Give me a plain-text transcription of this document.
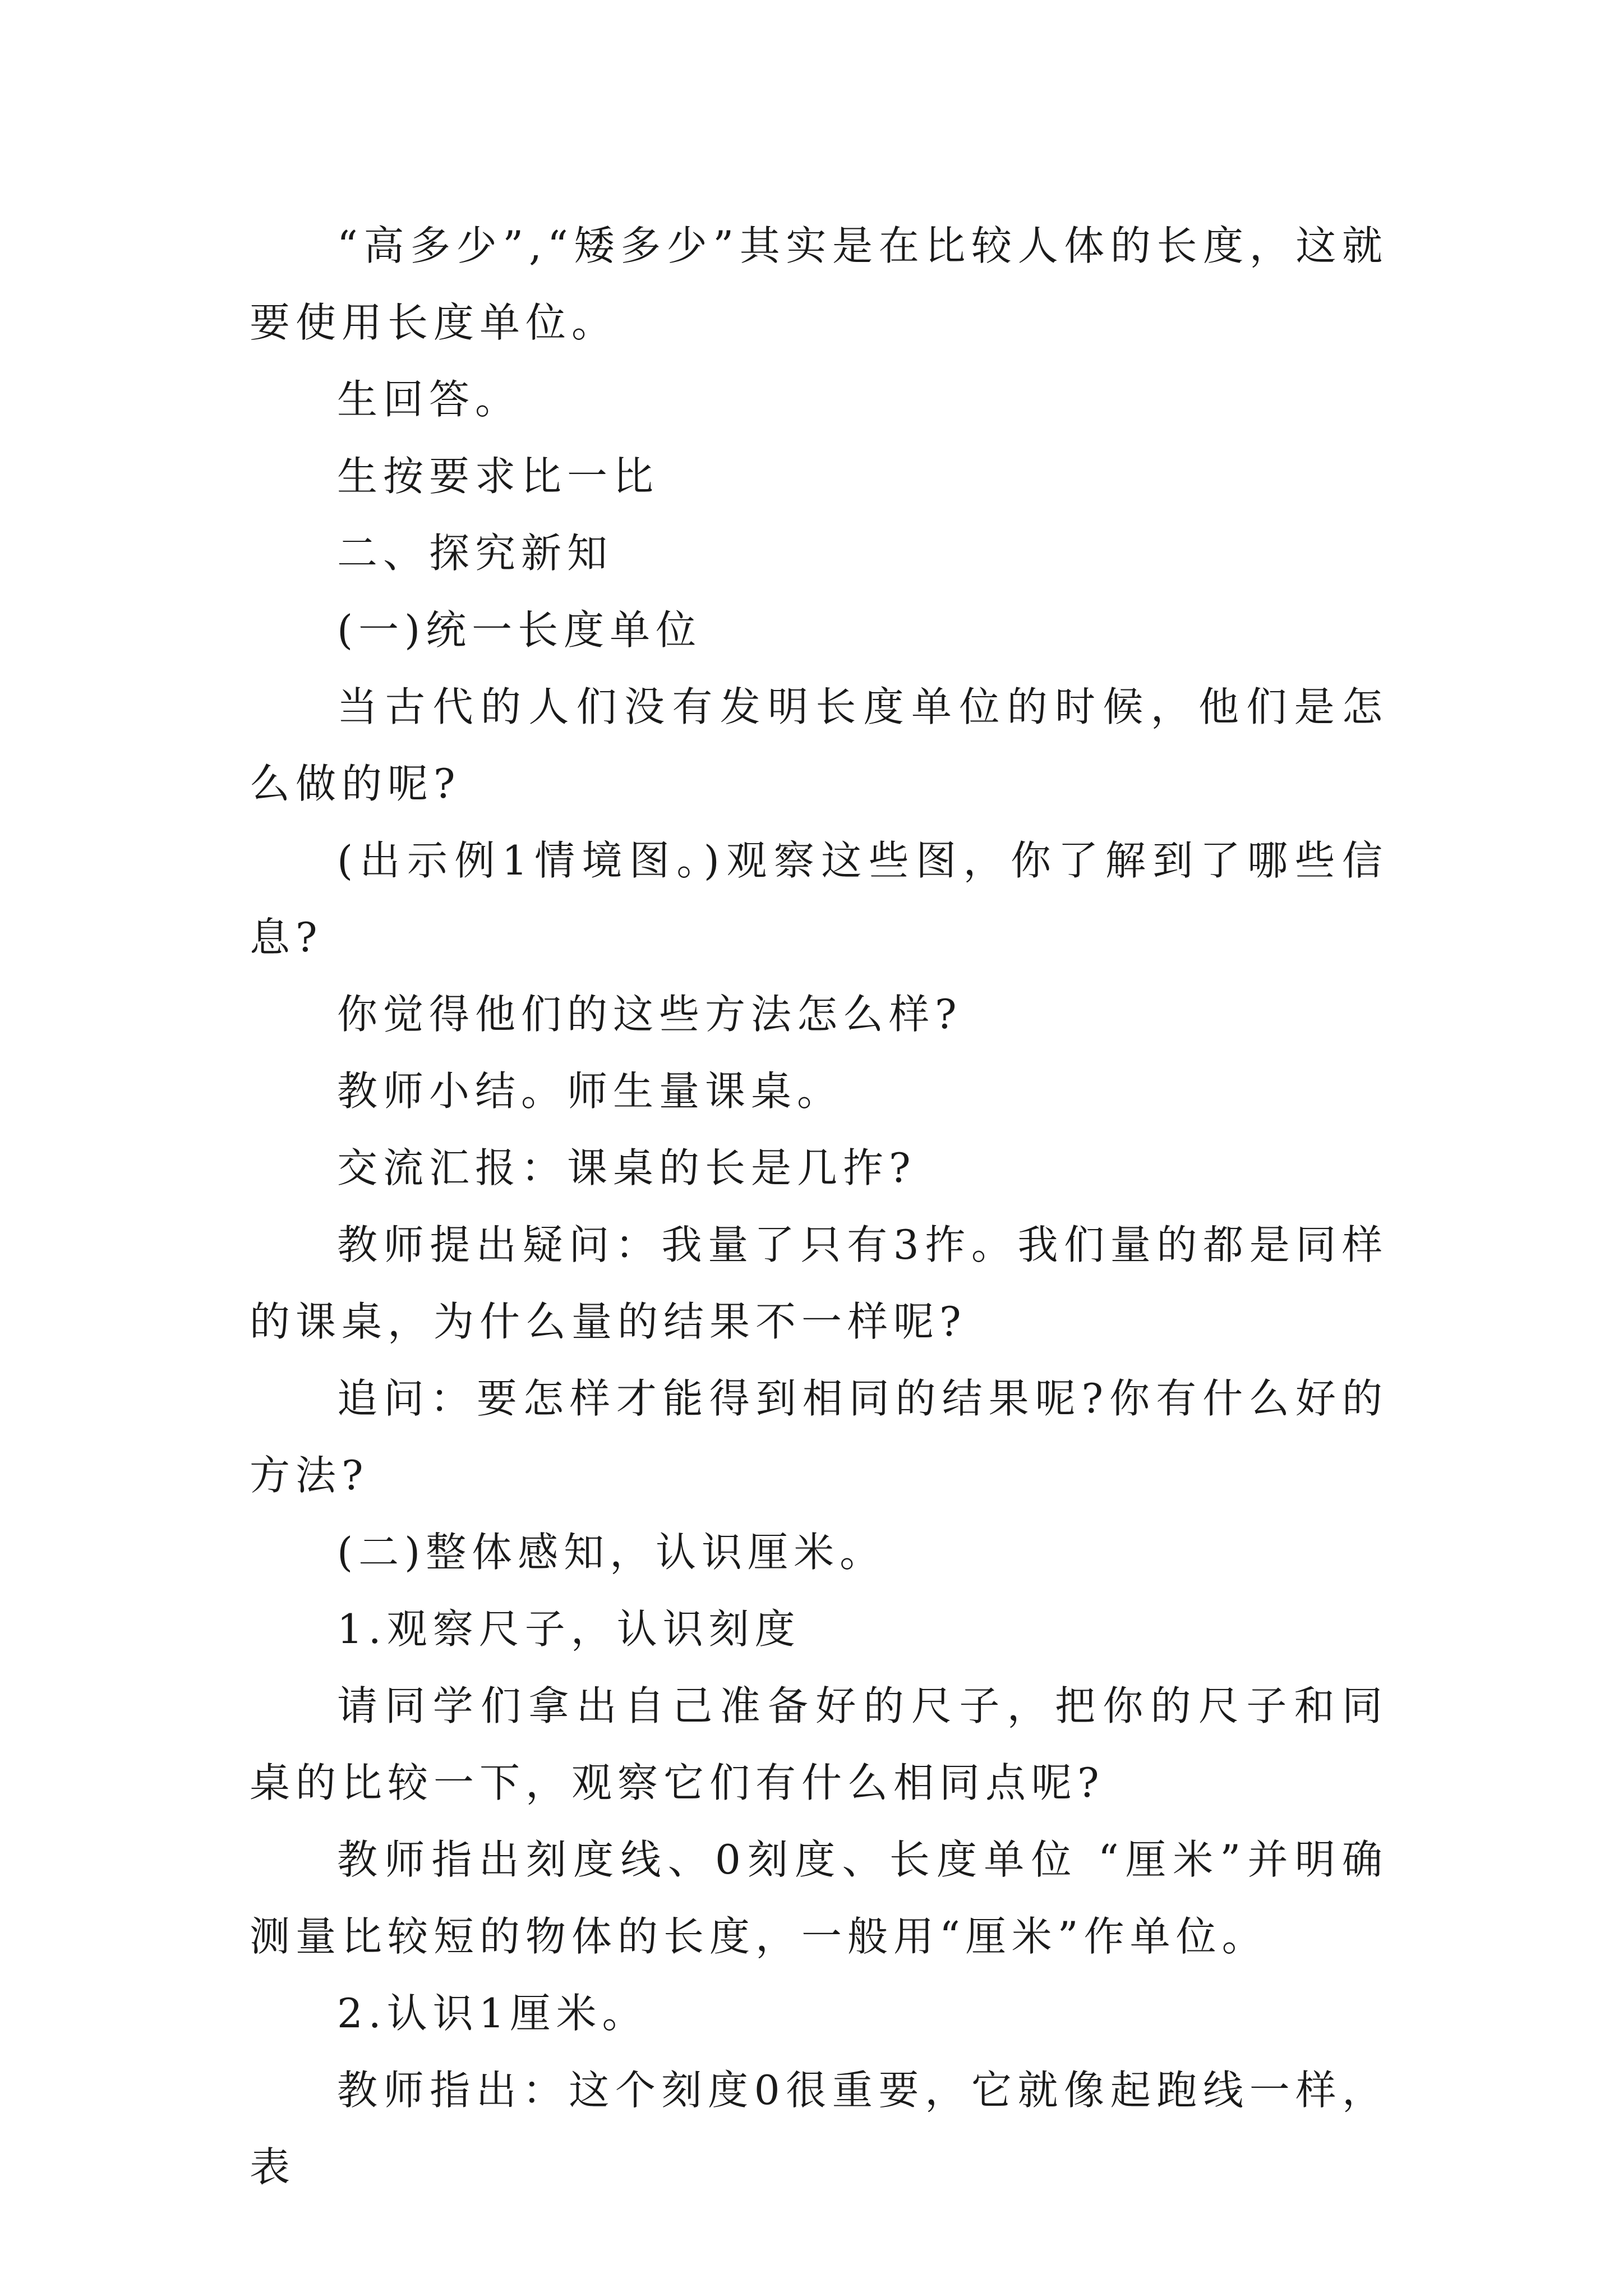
“高多少”,“矮多少”其实是在比较人体的长度，这就要使用长度单位。

生回答。

生按要求比一比

二、探究新知

(一)统一长度单位

当古代的人们没有发明长度单位的时候，他们是怎么做的呢?

(出示例1情境图。)观察这些图，你了解到了哪些信息?

你觉得他们的这些方法怎么样?

教师小结。师生量课桌。

交流汇报：课桌的长是几拃?

教师提出疑问：我量了只有3拃。我们量的都是同样的课桌，为什么量的结果不一样呢?

追问：要怎样才能得到相同的结果呢?你有什么好的方法?

(二)整体感知，认识厘米。

1.观察尺子，认识刻度

请同学们拿出自己准备好的尺子，把你的尺子和同桌的比较一下，观察它们有什么相同点呢?

教师指出刻度线、0刻度、长度单位 “厘米”并明确测量比较短的物体的长度，一般用“厘米”作单位。

2.认识1厘米。

教师指出：这个刻度0很重要，它就像起跑线一样，表
